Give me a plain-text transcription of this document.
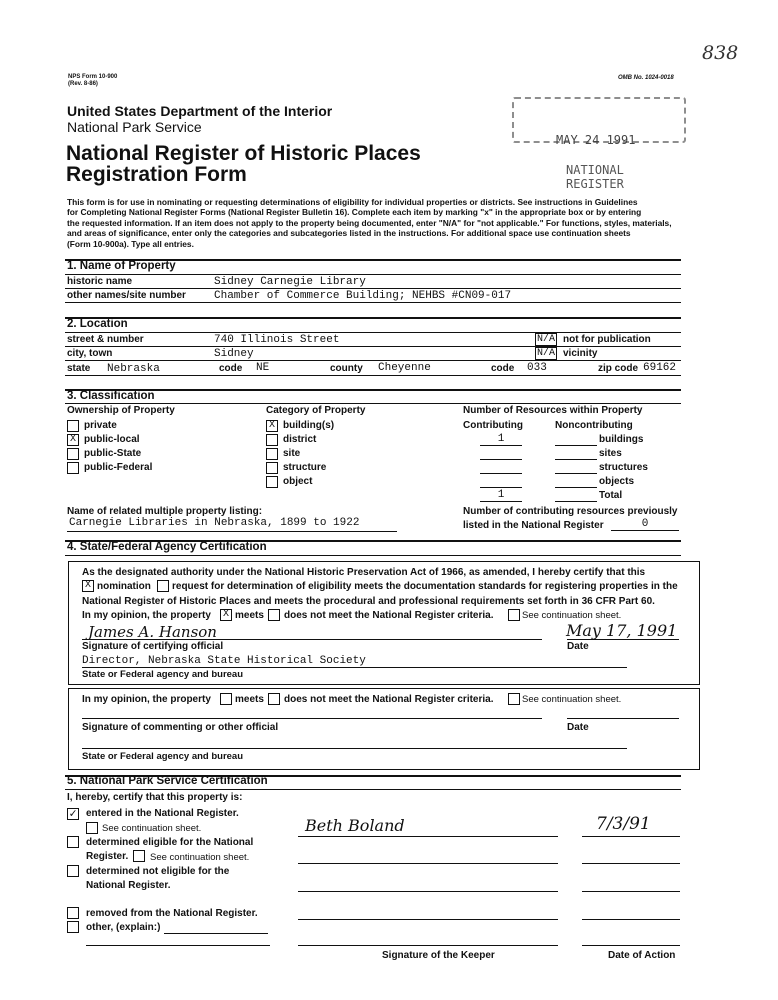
NPS Form 10-900
(Rev. 8-86)
OMB No. 1024-0018
838
United States Department of the Interior
National Park Service
National Register of Historic Places
Registration Form
MAY 24 1991
NATIONAL
REGISTER
This form is for use in nominating or requesting determinations of eligibility for individual properties or districts. See instructions in Guidelines
for Completing National Register Forms (National Register Bulletin 16). Complete each item by marking "x" in the appropriate box or by entering
the requested information. If an item does not apply to the property being documented, enter "N/A" for "not applicable." For functions, styles, materials,
and areas of significance, enter only the categories and subcategories listed in the instructions. For additional space use continuation sheets
(Form 10-900a). Type all entries.
1. Name of Property
historic name	Sidney Carnegie Library
other names/site number	Chamber of Commerce Building; NEHBS #CN09-017
2. Location
street & number	740 Illinois Street	N/A not for publication
city, town	Sidney	N/A vicinity
state Nebraska	code NE	county Cheyenne	code 033	zip code 69162
3. Classification
Ownership of Property
private
X public-local
public-State
public-Federal
Category of Property
X building(s)
district
site
structure
object
Number of Resources within Property
Contributing	Noncontributing
1	buildings
sites
structures
objects
1	Total
Name of related multiple property listing:
Carnegie Libraries in Nebraska, 1899 to 1922
Number of contributing resources previously
listed in the National Register	0
4. State/Federal Agency Certification
As the designated authority under the National Historic Preservation Act of 1966, as amended, I hereby certify that this
X nomination request for determination of eligibility meets the documentation standards for registering properties in the
National Register of Historic Places and meets the procedural and professional requirements set forth in 36 CFR Part 60.
In my opinion, the property X meets does not meet the National Register criteria.	See continuation sheet.
James A. Hanson	May 17, 1991
Signature of certifying official	Date
Director, Nebraska State Historical Society
State or Federal agency and bureau
In my opinion, the property meets does not meet the National Register criteria.	See continuation sheet.
Signature of commenting or other official	Date
State or Federal agency and bureau
5. National Park Service Certification
I, hereby, certify that this property is:
✓ entered in the National Register.
See continuation sheet.
determined eligible for the National
Register. See continuation sheet.
determined not eligible for the
National Register.
removed from the National Register.
other, (explain:)
Beth Boland	7/3/91
Signature of the Keeper	Date of Action
